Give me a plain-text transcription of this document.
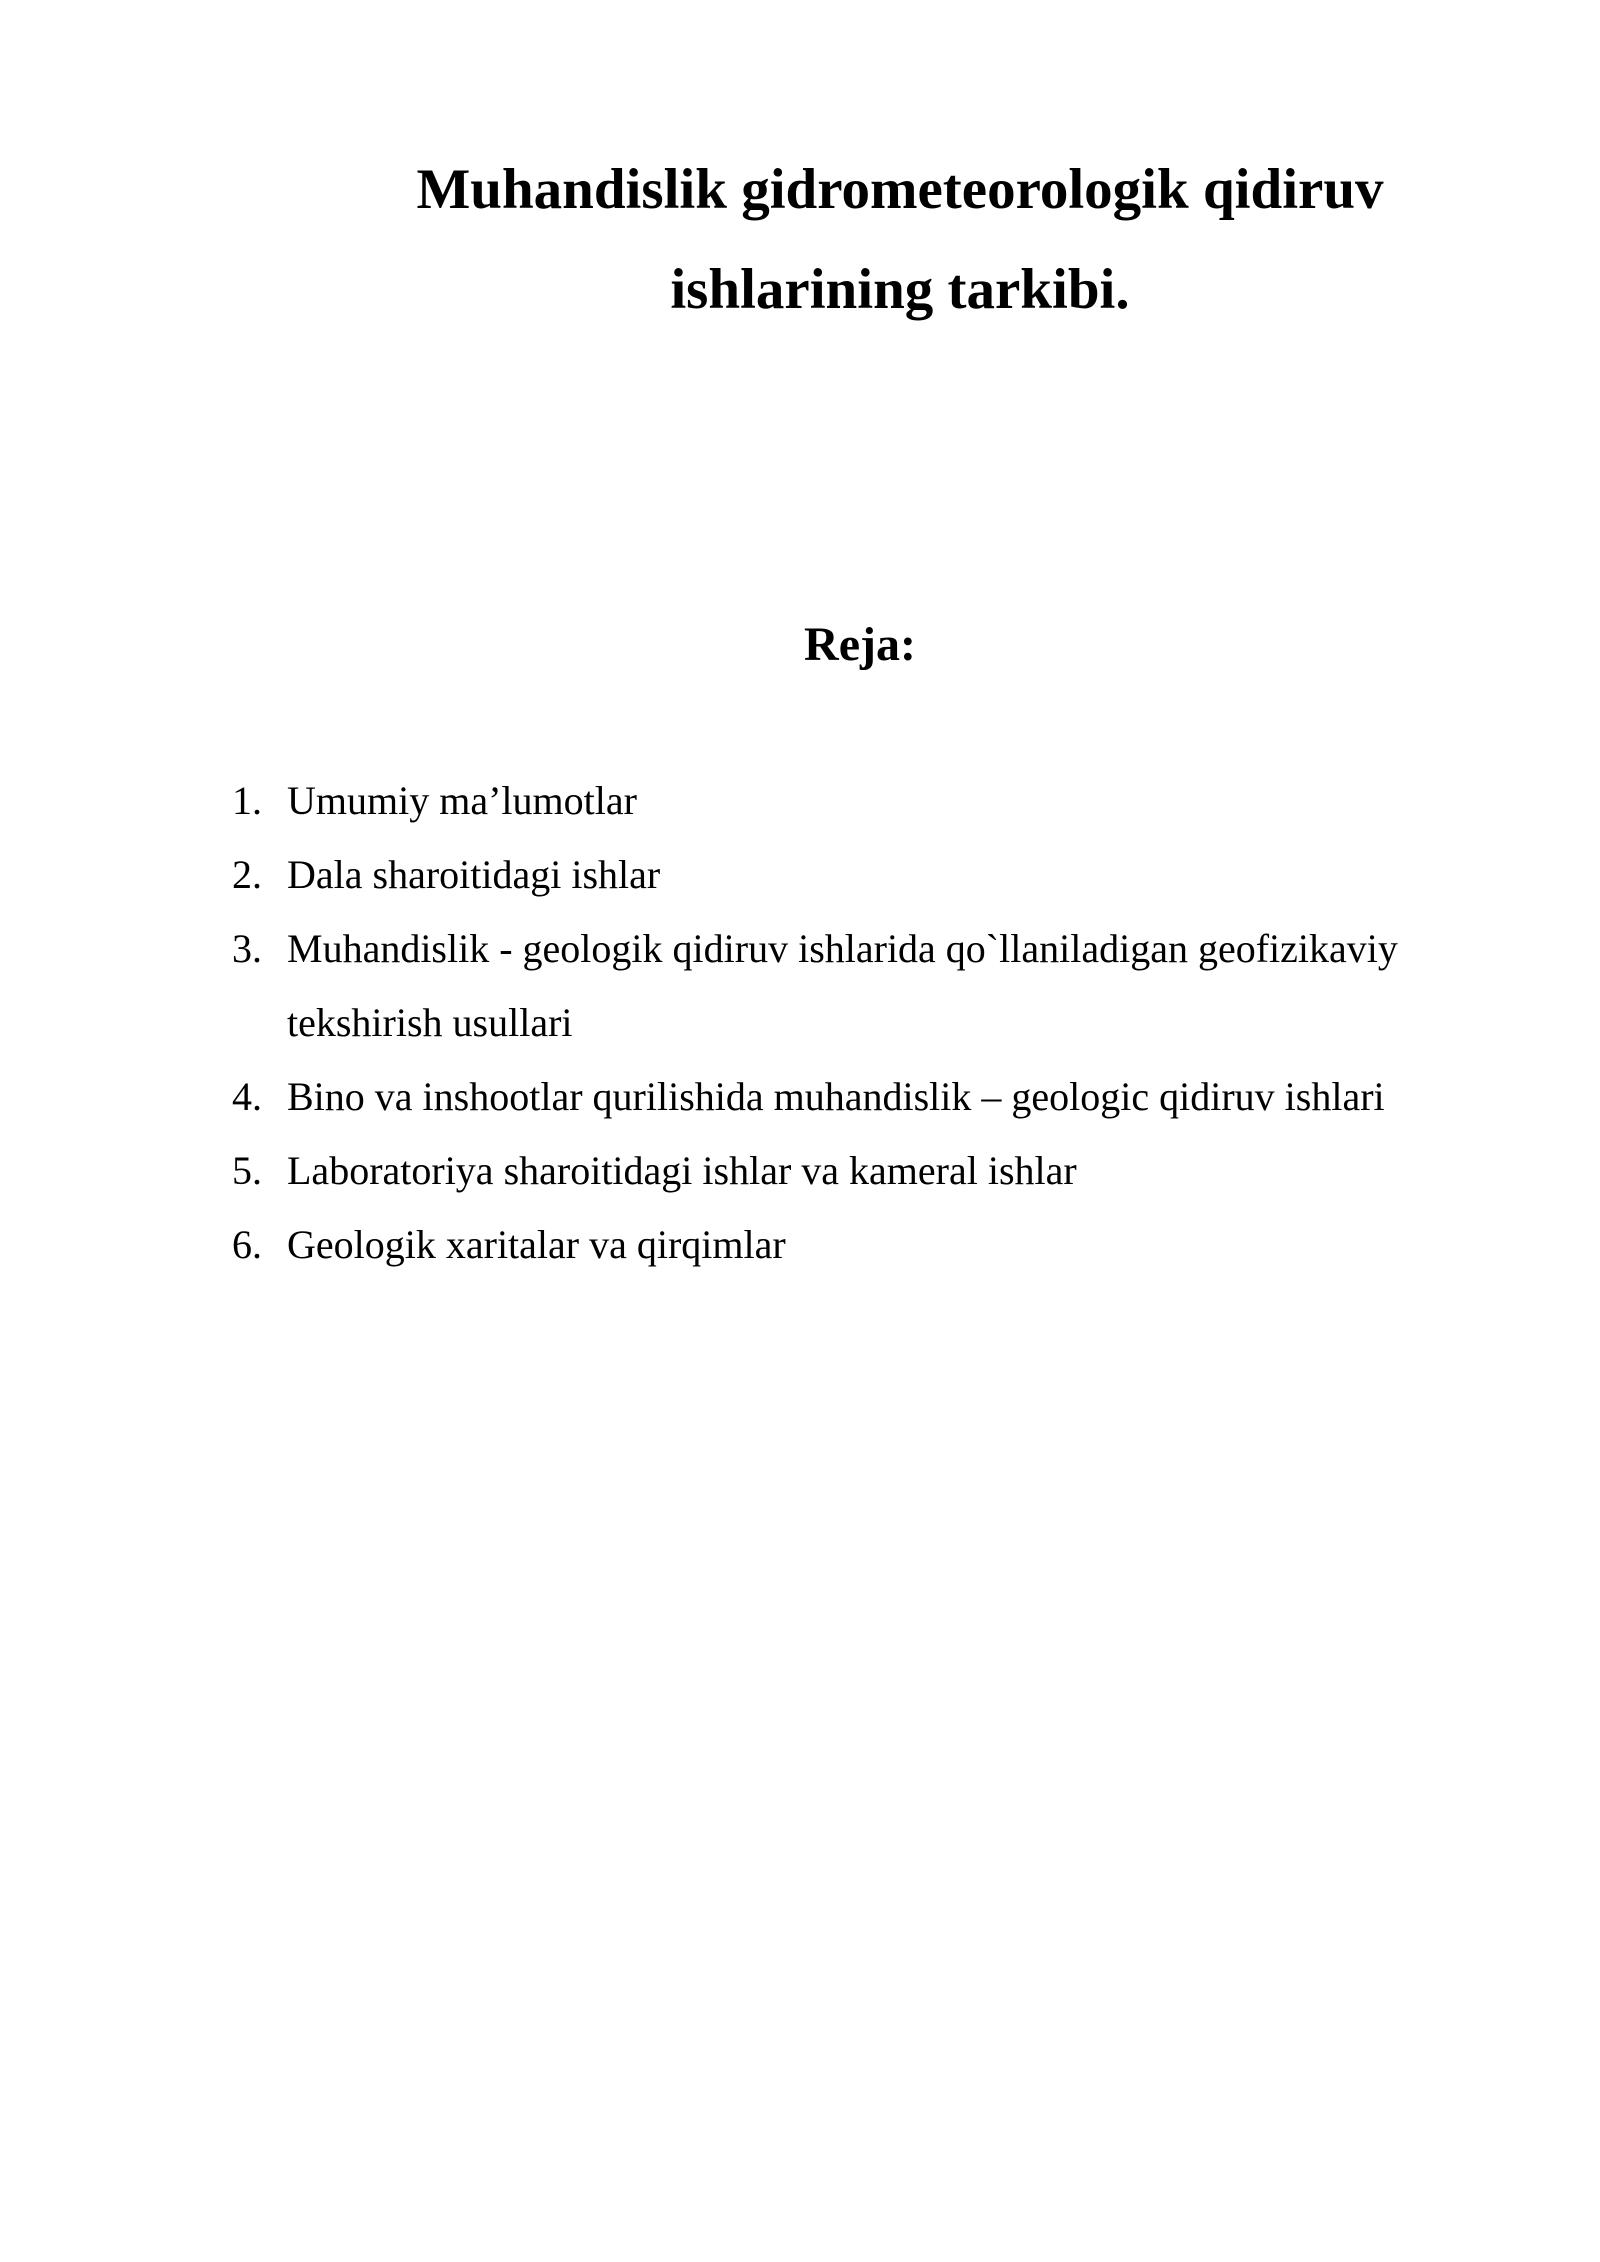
Muhandislik gidrometeorologik qidiruv
ishlarining tarkibi.
Reja:
1. Umumiy ma’lumotlar
2. Dala sharoitidagi ishlar
3. Muhandislik - geologik qidiruv ishlarida qo`llaniladigan geofizikaviy tekshirish usullari
4. Bino va inshootlar qurilishida muhandislik – geologic qidiruv ishlari
5. Laboratoriya sharoitidagi ishlar va kameral ishlar
6. Geologik xaritalar va qirqimlar
